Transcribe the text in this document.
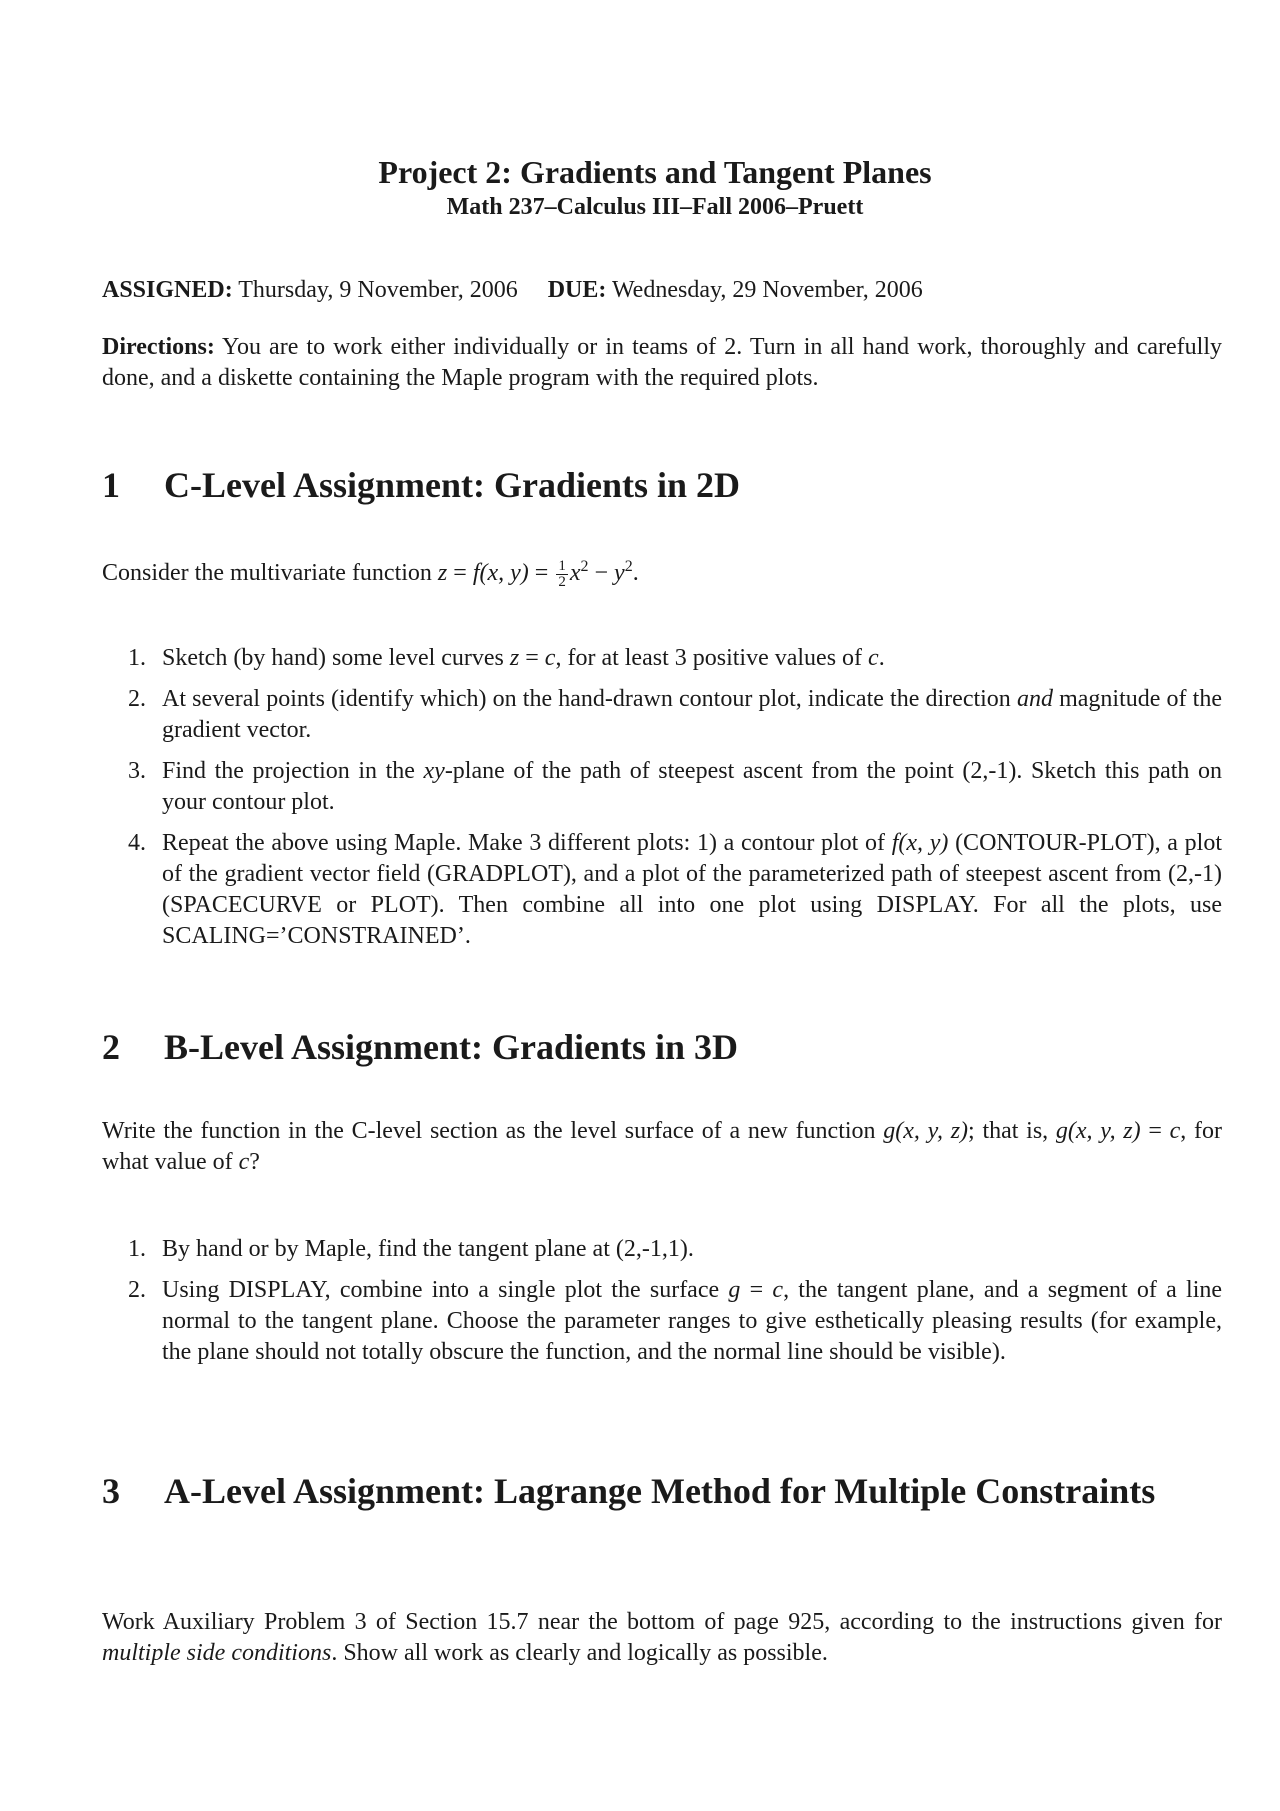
Project 2: Gradients and Tangent Planes

Math 237–Calculus III–Fall 2006–Pruett

ASSIGNED: Thursday, 9 November, 2006 DUE: Wednesday, 29 November, 2006
Directions: You are to work either individually or in teams of 2. Turn in all hand work, thoroughly and carefully done, and a diskette containing the Maple program with the required plots.
1	C-Level Assignment: Gradients in 2D
Consider the multivariate function z = f(x, $y) = \frac{1}{2} x^2 - y^2$.
1. Sketch (by hand) some level curves z = c, for at least 3 positive values of c.
2. At several points (identify which) on the hand-drawn contour plot, indicate the direction and magnitude of the gradient vector.
3. Find the projection in the xy-plane of the path of steepest ascent from the point (2,-1). Sketch this path on your contour plot.
4. Repeat the above using Maple. Make 3 different plots: 1) a contour plot of f(x, y) (CONTOUR-PLOT), a plot of the gradient vector field (GRADPLOT), and a plot of the parameterized path of steepest ascent from (2,-1) (SPACECURVE or PLOT). Then combine all into one plot using DISPLAY. For all the plots, use SCALING=’CONSTRAINED’.
2	B-Level Assignment: Gradients in 3D
Write the function in the C-level section as the level surface of a new function g(x, y, z); that is, g(x, y, z) = c, for what value of c?
1. By hand or by Maple, find the tangent plane at (2,-1,1).
2. Using DISPLAY, combine into a single plot the surface g = c, the tangent plane, and a segment of a line normal to the tangent plane. Choose the parameter ranges to give esthetically pleasing results (for example, the plane should not totally obscure the function, and the normal line should be visible).
3	A-Level Assignment: Lagrange Method for Multiple Constraints
Work Auxiliary Problem 3 of Section 15.7 near the bottom of page 925, according to the instructions given for multiple side conditions. Show all work as clearly and logically as possible.
